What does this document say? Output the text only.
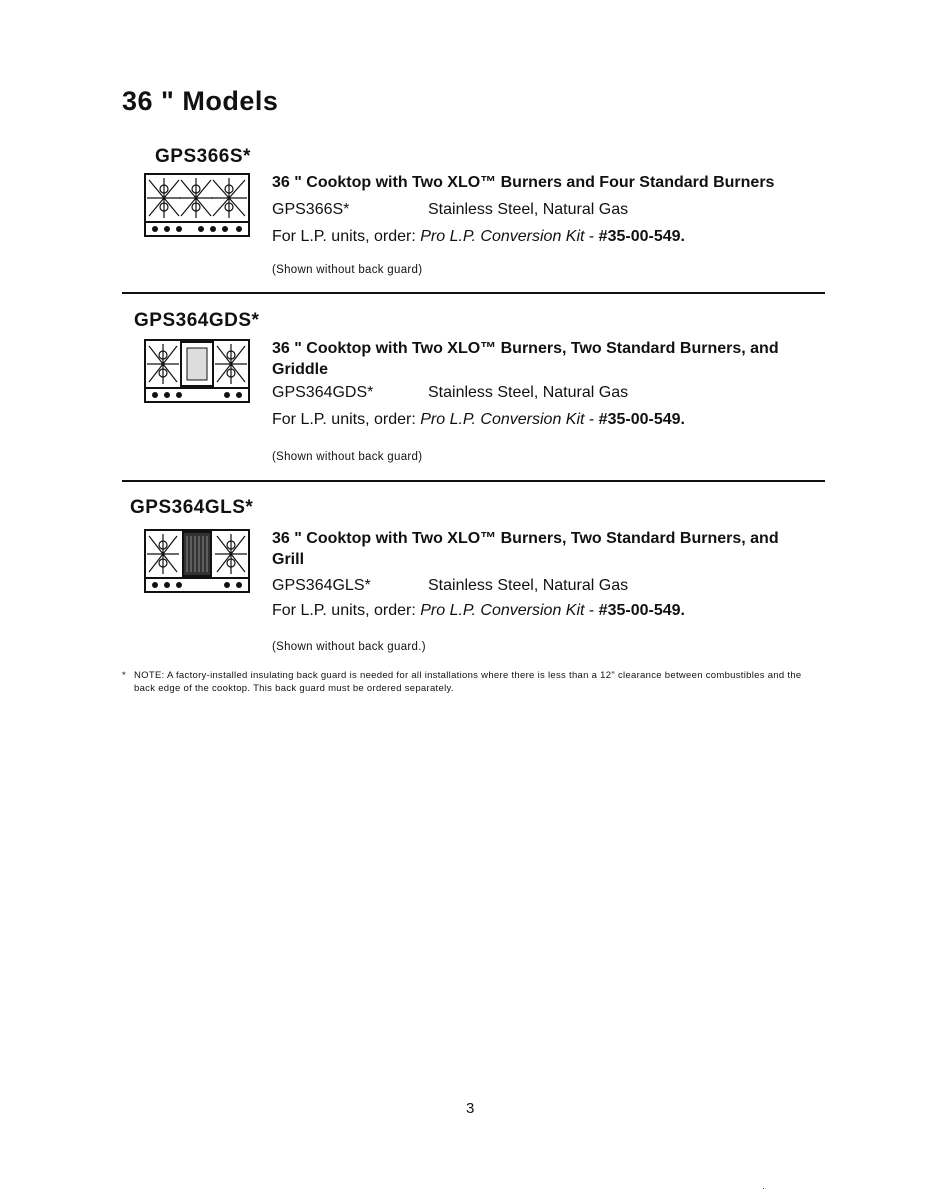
36 " Models
GPS366S*
36 " Cooktop with Two XLO™ Burners and Four Standard Burners
GPS366S*	Stainless Steel, Natural Gas
For L.P. units, order: Pro L.P. Conversion Kit - #35-00-549.
(Shown without back guard)
GPS364GDS*
36 " Cooktop with Two XLO™ Burners, Two Standard Burners, and Griddle
GPS364GDS*	Stainless Steel, Natural Gas
For L.P. units, order: Pro L.P. Conversion Kit - #35-00-549.
(Shown without back guard)
GPS364GLS*
36 " Cooktop with Two XLO™ Burners, Two Standard Burners, and Grill
GPS364GLS*	Stainless Steel, Natural Gas
For L.P. units, order: Pro L.P. Conversion Kit - #35-00-549.
(Shown without back guard.)
* NOTE: A factory-installed insulating back guard is needed for all installations where there is less than a 12" clearance between combustibles and the back edge of the cooktop. This back guard must be ordered separately.
3
·
